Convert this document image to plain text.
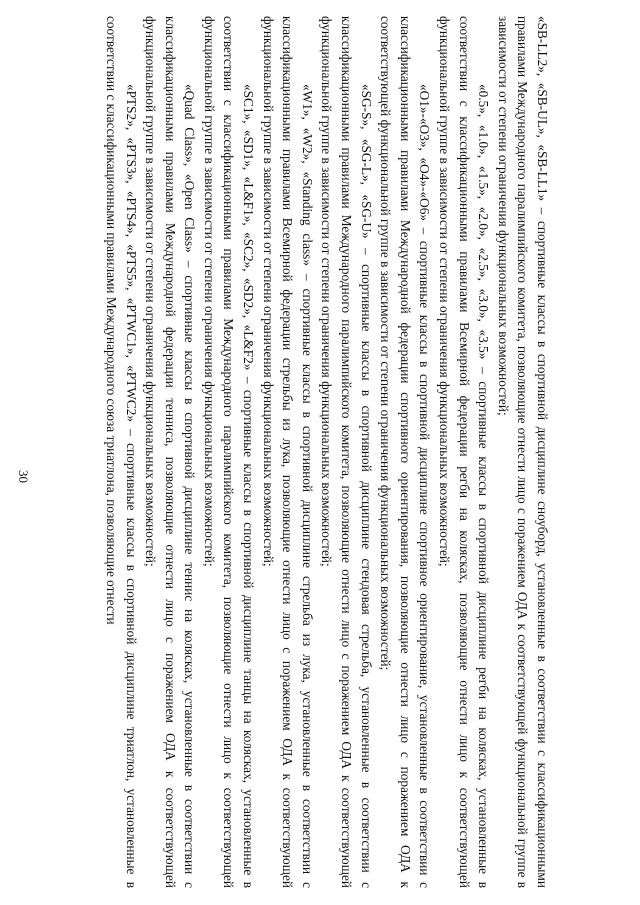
30	«SB-LL2», «SB-UL», «SB-LL1» – спортивные классы в спортивной дисциплине сноуборд, установленные в соответствии с классификационными правилами Международного паралимпийского комитета, позволяющие отнести лицо с поражением ОДА к соответствующей функциональной группе в зависимости от степени ограничения функциональных возможностей;

«0.5», «1.0», «1.5», «2.0», «2.5», «3.0», «3.5» – спортивные классы в спортивной дисциплине регби на колясках, установленные в соответствии с классификационными правилами Всемирной федерации регби на колясках, позволяющие отнести лицо к соответствующей функциональной группе в зависимости от степени ограничения функциональных возможностей;

«O1»-«O3», «O4»-«O6» – спортивные классы в спортивной дисциплине спортивное ориентирование, установленные в соответствии с классификационными правилами Международной федерации спортивного ориентирования, позволяющие отнести лицо с поражением ОДА к соответствующей функциональной группе в зависимости от степени ограничения функциональных возможностей;

«SG-S», «SG-L», «SG-U» – спортивные классы в спортивной дисциплине стендовая стрельба, установленные в соответствии с классификационными правилами Международного паралимпийского комитета, позволяющие отнести лицо с поражением ОДА к соответствующей функциональной группе в зависимости от степени ограничения функциональных возможностей;

«W1», «W2», «Standing class» – спортивные классы в спортивной дисциплине стрельба из лука, установленные в соответствии с классификационными правилами Всемирной федерации стрельбы из лука, позволяющие отнести лицо с поражением ОДА к соответствующей функциональной группе в зависимости от степени ограничения функциональных возможностей;

«SC1», «SD1», «L&F1», «SC2», «SD2», «L&F2» – спортивные классы в спортивной дисциплине танцы на колясках, установленные в соответствии с классификационными правилами Международного паралимпийского комитета, позволяющие отнести лицо к соответствующей функциональной группе в зависимости от степени ограничения функциональных возможностей;

«Quad Class», «Open Class» – спортивные классы в спортивной дисциплине теннис на колясках, установленные в соответствии с классификационными правилами Международной федерации тенниса, позволяющие отнести лицо с поражением ОДА к соответствующей функциональной группе в зависимости от степени ограничения функциональных возможностей;

«PTS2», «PTS3», «PTS4», «PTS5», «PTWC1», «PTWC2» – спортивные классы в спортивной дисциплине триатлон, установленные в соответствии с классификационными правилами Международного союза триатлона, позволяющие отнести
